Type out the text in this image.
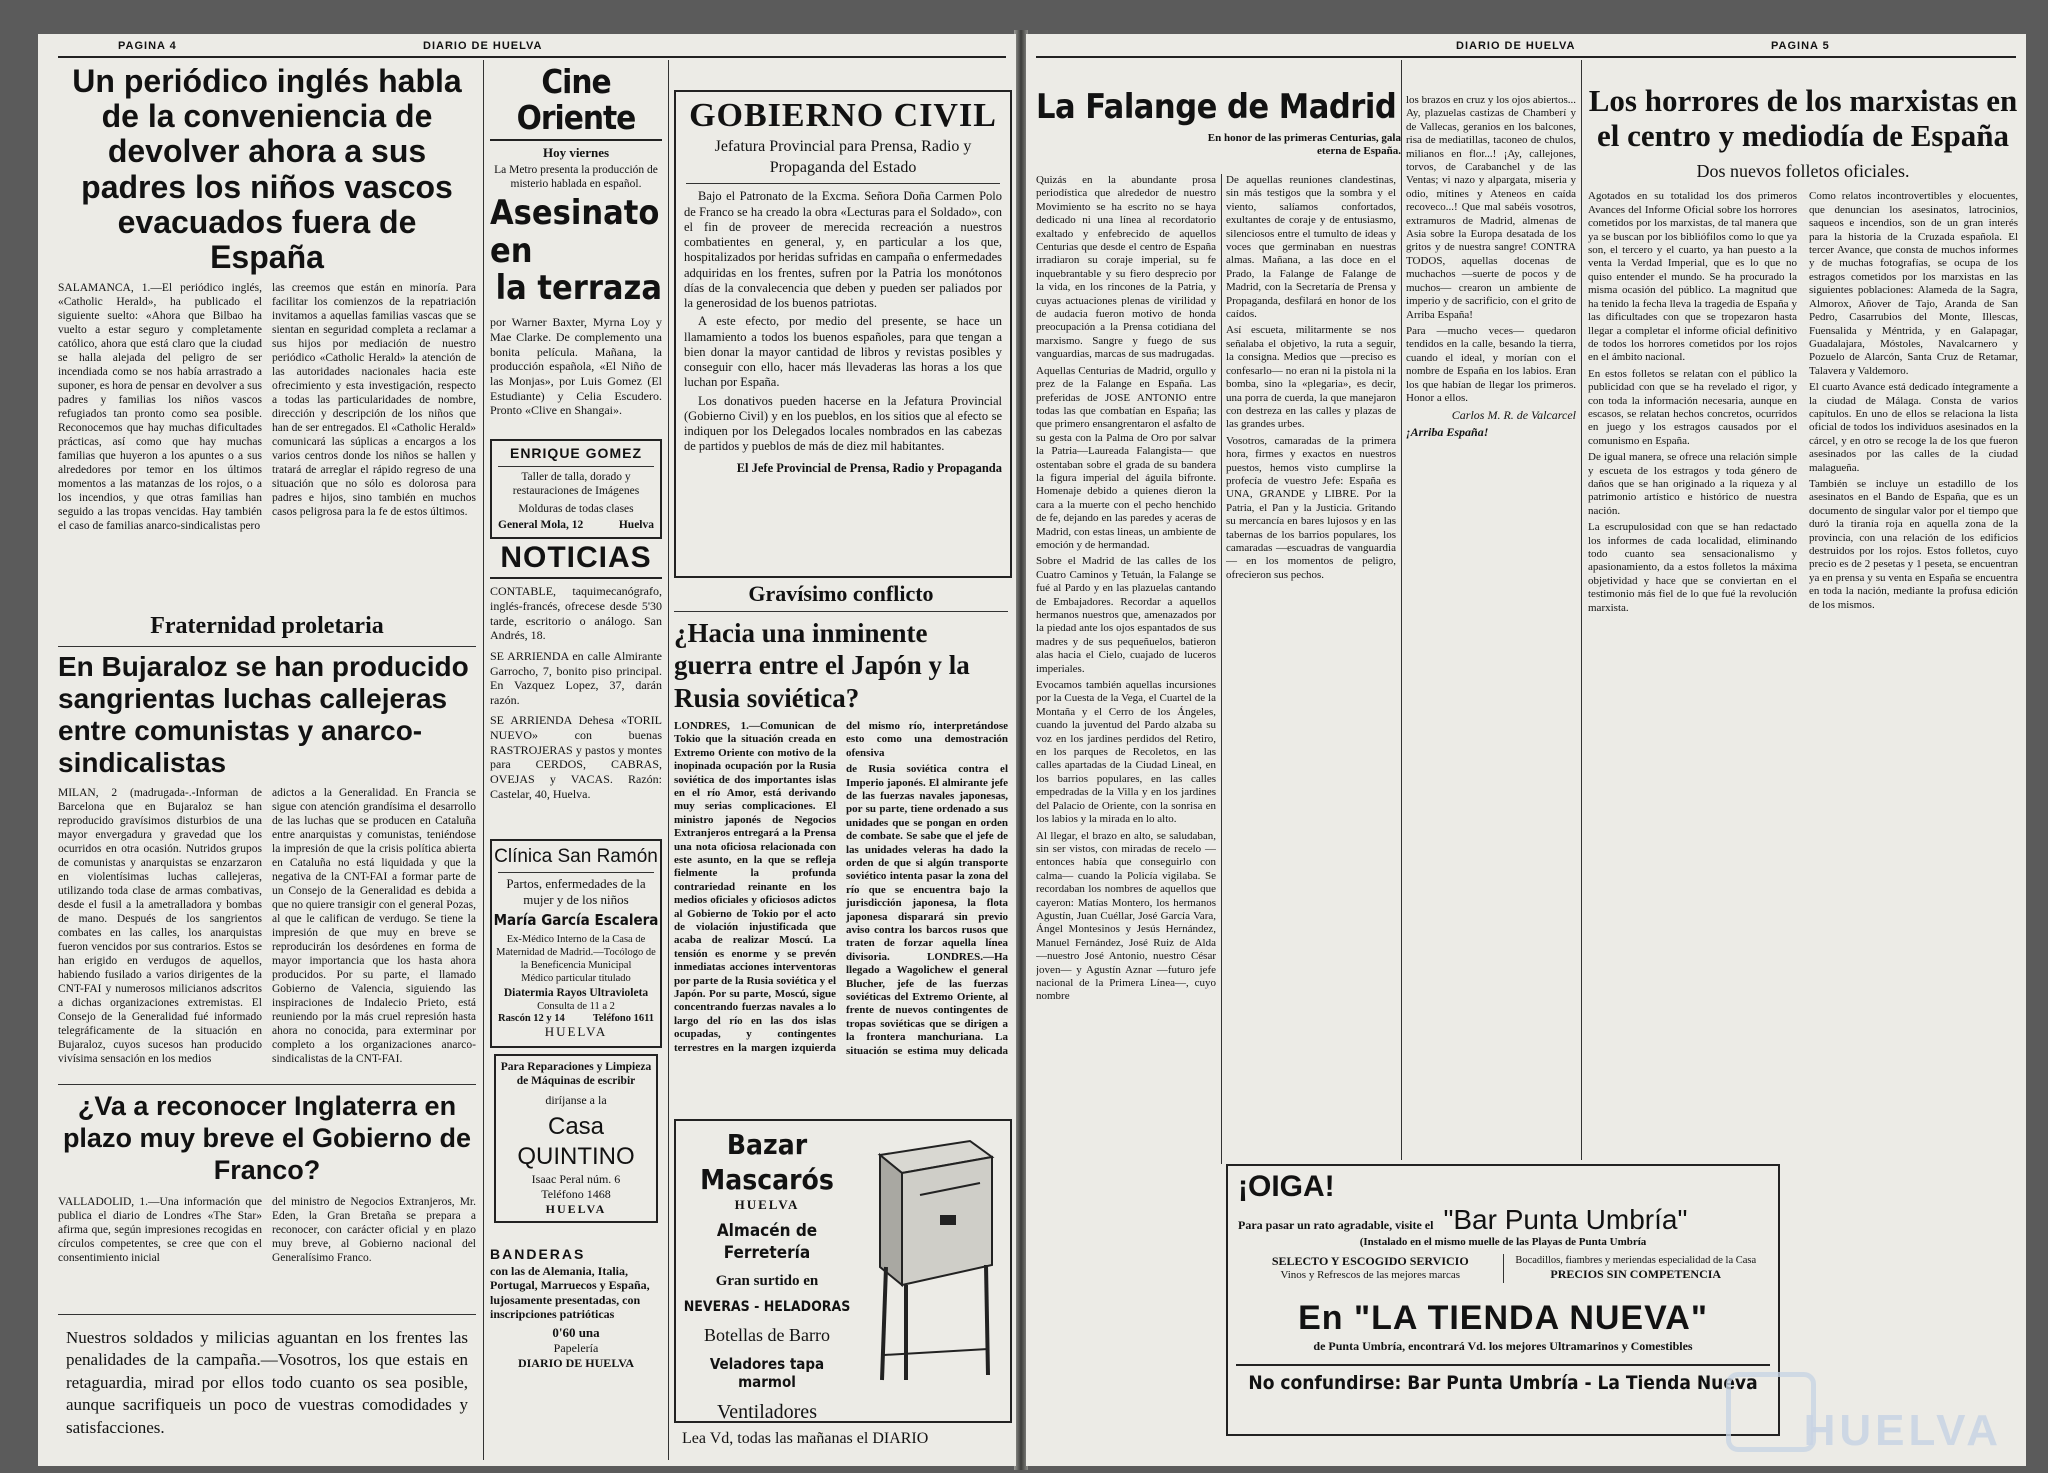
PAGINA 4	DIARIO DE HUELVA
Un periódico inglés habla de la conveniencia de devolver ahora a sus padres los niños vascos evacuados fuera de España

SALAMANCA, 1.—El periódico inglés, «Catholic Herald», ha publicado el siguiente suelto: «Ahora que Bilbao ha vuelto a estar seguro y completamente católico, ahora que está claro que la ciudad se halla alejada del peligro de ser incendiada como se nos había arrastrado a suponer, es hora de pensar en devolver a sus padres y familias los niños vascos refugiados tan pronto como sea posible. Reconocemos que hay muchas dificultades prácticas, así como que hay muchas familias que huyeron a los apuntes o a sus alrededores por temor en los últimos momentos a las matanzas de los rojos, o a los incendios, y que otras familias han seguido a las tropas vencidas. Hay también el caso de familias anarco-sindicalistas pero

las creemos que están en minoría. Para facilitar los comienzos de la repatriación invitamos a aquellas familias vascas que se sientan en seguridad completa a reclamar a sus hijos por mediación de nuestro periódico «Catholic Herald» la atención de las autoridades nacionales hacia este ofrecimiento y esta investigación, respecto a todas las particularidades de nombre, dirección y descripción de los niños que han de ser entregados. El «Catholic Herald» comunicará las súplicas a encargos a los varios centros donde los niños se hallen y tratará de arreglar el rápido regreso de una situación que no sólo es dolorosa para padres e hijos, sino también en muchos casos peligrosa para la fe de estos últimos.

Fraternidad proletaria
En Bujaraloz se han producido sangrientas luchas callejeras entre comunistas y anarco-sindicalistas

MILAN, 2 (madrugada-.-Informan de Barcelona que en Bujaraloz se han reproducido gravísimos disturbios de una mayor envergadura y gravedad que los ocurridos en otra ocasión. Nutridos grupos de comunistas y anarquistas se enzarzaron en violentísimas luchas callejeras, utilizando toda clase de armas combativas, desde el fusil a la ametralladora y bombas de mano. Después de los sangrientos combates en las calles, los anarquistas fueron vencidos por sus contrarios. Estos se han erigido en verdugos de aquellos, habiendo fusilado a varios dirigentes de la CNT-FAI y numerosos milicianos adscritos a dichas organizaciones extremistas. El Consejo de la Generalidad fué informado telegráficamente de la situación en Bujaraloz, cuyos sucesos han producido vivísima sensación en los medios

adictos a la Generalidad. En Francia se sigue con atención grandísima el desarrollo de las luchas que se producen en Cataluña entre anarquistas y comunistas, teniéndose la impresión de que la crisis política abierta en Cataluña no está liquidada y que la negativa de la CNT-FAI a formar parte de un Consejo de la Generalidad es debida a que no quiere transigir con el general Pozas, al que le califican de verdugo. Se tiene la impresión de que muy en breve se reproducirán los desórdenes en forma de mayor importancia que los hasta ahora producidos. Por su parte, el llamado Gobierno de Valencia, siguiendo las inspiraciones de Indalecio Prieto, está reuniendo por la más cruel represión hasta ahora no conocida, para exterminar por completo a los organizaciones anarco-sindicalistas de la CNT-FAI.

¿Va a reconocer Inglaterra en plazo muy breve el Gobierno de Franco?

VALLADOLID, 1.—Una información que publica el diario de Londres «The Star» afirma que, según impresiones recogidas en círculos competentes, se cree que con el consentimiento inicial

del ministro de Negocios Extranjeros, Mr. Eden, la Gran Bretaña se prepara a reconocer, con carácter oficial y en plazo muy breve, al Gobierno nacional del Generalísimo Franco.

Nuestros soldados y milicias aguantan en los frentes las penalidades de la campaña.—Vosotros, los que estais en retaguardia, mirad por ellos todo cuanto os sea posible, aunque sacrifiqueis un poco de vuestras comodidades y satisfacciones.

Cine Oriente

Hoy viernes

La Metro presenta la producción de misterio hablada en español.

Asesinato en

la terraza

por Warner Baxter, Myrna Loy y Mae Clarke. De complemento una bonita película. Mañana, la producción española, «El Niño de las Monjas», por Luis Gomez (El Estudiante) y Celia Escudero. Pronto «Clive en Shangai».

ENRIQUE GOMEZ

Taller de talla, dorado y restauraciones de Imágenes

Molduras de todas clases

General Mola, 12	Huelva
NOTICIAS

CONTABLE, taquimecanógrafo, inglés-francés, ofrecese desde 5'30 tarde, escritorio o análogo. San Andrés, 18.

SE ARRIENDA en calle Almirante Garrocho, 7, bonito piso principal. En Vazquez Lopez, 37, darán razón.

SE ARRIENDA Dehesa «TORIL NUEVO» con buenas RASTROJERAS y pastos y montes para CERDOS, CABRAS, OVEJAS y VACAS. Razón: Castelar, 40, Huelva.

Clínica San Ramón

Partos, enfermedades de la mujer y de los niños

María García Escalera

Ex-Médico Interno de la Casa de Maternidad de Madrid.—Tocólogo de la Beneficencia Municipal

Médico particular titulado

Diatermia Rayos Ultravioleta

Consulta de 11 a 2

Rascón 12 y 14	Teléfono 1611

HUELVA

Para Reparaciones y Limpieza de Máquinas de escribir

diríjanse a la

Casa QUINTINO

Isaac Peral núm. 6

Teléfono 1468

HUELVA

BANDERAS

con las de Alemania, Italia, Portugal, Marruecos y España, lujosamente presentadas, con inscripciones patrióticas

0'60 una

Papelería

DIARIO DE HUELVA

GOBIERNO CIVIL

Jefatura Provincial para Prensa, Radio y Propaganda del Estado

Bajo el Patronato de la Excma. Señora Doña Carmen Polo de Franco se ha creado la obra «Lecturas para el Soldado», con el fin de proveer de merecida recreación a nuestros combatientes en general, y, en particular a los que, hospitalizados por heridas sufridas en campaña o enfermedades adquiridas en los frentes, sufren por la Patria los monótonos días de la convalecencia que deben y pueden ser paliados por la generosidad de los buenos patriotas.

A este efecto, por medio del presente, se hace un llamamiento a todos los buenos españoles, para que tengan a bien donar la mayor cantidad de libros y revistas posibles y conseguir con ello, hacer más llevaderas las horas a los que luchan por España.

Los donativos pueden hacerse en la Jefatura Provincial (Gobierno Civil) y en los pueblos, en los sitios que al efecto se indiquen por los Delegados locales nombrados en las cabezas de partidos y pueblos de más de diez mil habitantes.

El Jefe Provincial de Prensa, Radio y Propaganda

Gravísimo conflicto
¿Hacia una inminente guerra entre el Japón y la Rusia soviética?

LONDRES, 1.—Comunican de Tokio que la situación creada en Extremo Oriente con motivo de la inopinada ocupación por la Rusia soviética de dos importantes islas en el río Amor, está derivando muy serias complicaciones. El ministro japonés de Negocios Extranjeros entregará a la Prensa una nota oficiosa relacionada con este asunto, en la que se refleja fielmente la profunda contrariedad reinante en los medios oficiales y oficiosos adictos al Gobierno de Tokio por el acto de violación injustificada que acaba de realizar Moscú. La tensión es enorme y se prevén inmediatas acciones interventoras por parte de la Rusia soviética y el Japón. Por su parte, Moscú, sigue concentrando fuerzas navales a lo largo del río en las dos islas ocupadas, y contingentes terrestres en la margen izquierda del mismo río, interpretándose esto como una demostración ofensiva

de Rusia soviética contra el Imperio japonés. El almirante jefe de las fuerzas navales japonesas, por su parte, tiene ordenado a sus unidades que se pongan en orden de combate. Se sabe que el jefe de las unidades veleras ha dado la orden de que si algún transporte soviético intenta pasar la zona del río que se encuentra bajo la jurisdicción japonesa, la flota japonesa disparará sin previo aviso contra los barcos rusos que traten de forzar aquella línea divisoria. LONDRES.—Ha llegado a Wagolichew el general Blucher, jefe de las fuerzas soviéticas del Extremo Oriente, al frente de nuevos contingentes de tropas soviéticas que se dirigen a la frontera manchuriana. La situación se estima muy delicada

Bazar Mascarós

HUELVA

Almacén de Ferretería

Gran surtido en

NEVERAS - HELADORAS

Botellas de Barro

Veladores tapa marmol

Ventiladores

Lea Vd, todas las mañanas el DIARIO

DIARIO DE HUELVA	PAGINA 5
La Falange de Madrid

En honor de las primeras Centurias, gala eterna de España.

Quizás en la abundante prosa periodística que alrededor de nuestro Movimiento se ha escrito no se haya dedicado ni una línea al recordatorio exaltado y enfebrecido de aquellos Centurias que desde el centro de España irradiaron su coraje imperial, su fe inquebrantable y su fiero desprecio por la vida, en los rincones de la Patria, y cuyas actuaciones plenas de virilidad y de audacia fueron motivo de honda preocupación a la Prensa cotidiana del marxismo. Sangre y fuego de sus vanguardias, marcas de sus madrugadas.

Aquellas Centurias de Madrid, orgullo y prez de la Falange en España. Las preferidas de JOSE ANTONIO entre todas las que combatían en España; las que primero ensangrentaron el asfalto de su gesta con la Palma de Oro por salvar la Patria—Laureada Falangista— que ostentaban sobre el grada de su bandera la figura imperial del águila bifronte. Homenaje debido a quienes dieron la cara a la muerte con el pecho henchido de fe, dejando en las paredes y aceras de Madrid, con estas lineas, un ambiente de emoción y de hermandad.

Sobre el Madrid de las calles de los Cuatro Caminos y Tetuán, la Falange se fué al Pardo y en las plazuelas cantando de Embajadores. Recordar a aquellos hermanos nuestros que, amenazados por la piedad ante los ojos espantados de sus madres y de sus pequeñuelos, batieron alas hacia el Cielo, cuajado de luceros imperiales.

Evocamos también aquellas incursiones por la Cuesta de la Vega, el Cuartel de la Montaña y el Cerro de los Ángeles, cuando la juventud del Pardo alzaba su voz en los jardines perdidos del Retiro, en los parques de Recoletos, en las calles apartadas de la Ciudad Lineal, en los barrios populares, en las calles empedradas de la Villa y en los jardines del Palacio de Oriente, con la sonrisa en los labios y la mirada en lo alto.

Al llegar, el brazo en alto, se saludaban, sin ser vistos, con miradas de recelo —entonces había que conseguirlo con calma— cuando la Policía vigilaba. Se recordaban los nombres de aquellos que cayeron: Matías Montero, los hermanos Agustín, Juan Cuéllar, José García Vara, Ángel Montesinos y Jesús Hernández, Manuel Fernández, José Ruiz de Alda —nuestro José Antonio, nuestro César joven— y Agustín Aznar —futuro jefe nacional de la Primera Línea—, cuyo nombre

De aquellas reuniones clandestinas, sin más testigos que la sombra y el viento, salíamos confortados, exultantes de coraje y de entusiasmo, silenciosos entre el tumulto de ideas y voces que germinaban en nuestras almas. Mañana, a las doce en el Prado, la Falange de Falange de Madrid, con la Secretaría de Prensa y Propaganda, desfilará en honor de los caídos.

Así escueta, militarmente se nos señalaba el objetivo, la ruta a seguir, la consigna. Medios que —preciso es confesarlo— no eran ni la pistola ni la bomba, sino la «plegaria», es decir, una porra de cuerda, la que manejaron con destreza en las calles y plazas de las grandes urbes.

Vosotros, camaradas de la primera hora, firmes y exactos en nuestros puestos, hemos visto cumplirse la profecía de vuestro Jefe: España es UNA, GRANDE y LIBRE. Por la Patria, el Pan y la Justicia. Gritando su mercancía en bares lujosos y en las tabernas de los barrios populares, los camaradas —escuadras de vanguardia— en los momentos de peligro, ofrecieron sus pechos.

los brazos en cruz y los ojos abiertos... Ay, plazuelas castizas de Chamberí y de Vallecas, geranios en los balcones, risa de mediatillas, taconeo de chulos, milianos en flor...! ¡Ay, callejones, torvos, de Carabanchel y de las Ventas; vi nazo y alpargata, miseria y odio, mítines y Ateneos en caída recoveco...! Que mal sabéis vosotros, extramuros de Madrid, almenas de Asia sobre la Europa desatada de los gritos y de nuestra sangre! CONTRA TODOS, aquellas docenas de muchachos —suerte de pocos y de muchos— crearon un ambiente de imperio y de sacrificio, con el grito de Arriba España!

Para —mucho veces— quedaron tendidos en la calle, besando la tierra, cuando el ideal, y morían con el nombre de España en los labios. Eran los que habían de llegar los primeros. Honor a ellos.

Carlos M. R. de Valcarcel

¡Arriba España!

Los horrores de los marxistas en el centro y mediodía de España

Dos nuevos folletos oficiales.

Agotados en su totalidad los dos primeros Avances del Informe Oficial sobre los horrores cometidos por los marxistas, de tal manera que ya se buscan por los bibliófilos como lo que ya son, el tercero y el cuarto, ya han puesto a la venta la Verdad Imperial, que es lo que no quiso entender el mundo. Se ha procurado la misma ocasión del público. La magnitud que ha tenido la fecha lleva la tragedia de España y las dificultades con que se tropezaron hasta llegar a completar el informe oficial definitivo de todos los horrores cometidos por los rojos en el ámbito nacional.

En estos folletos se relatan con el público la publicidad con que se ha revelado el rigor, y con toda la información necesaria, aunque en escasos, se relatan hechos concretos, ocurridos en juego y los estragos causados por el comunismo en España.

De igual manera, se ofrece una relación simple y escueta de los estragos y toda género de daños que se han originado a la riqueza y al patrimonio artístico e histórico de nuestra nación.

La escrupulosidad con que se han redactado los informes de cada localidad, eliminando todo cuanto sea sensacionalismo y apasionamiento, da a estos folletos la máxima objetividad y hace que se conviertan en el testimonio más fiel de lo que fué la revolución marxista.

Como relatos incontrovertibles y elocuentes, que denuncian los asesinatos, latrocinios, saqueos e incendios, son de un gran interés para la historia de la Cruzada española. El tercer Avance, que consta de muchos informes y de muchas fotografías, se ocupa de los estragos cometidos por los marxistas en las siguientes poblaciones: Alameda de la Sagra, Almorox, Añover de Tajo, Aranda de San Pedro, Casarrubios del Monte, Illescas, Fuensalida y Méntrida, y en Galapagar, Guadalajara, Móstoles, Navalcarnero y Pozuelo de Alarcón, Santa Cruz de Retamar, Talavera y Valdemoro.

El cuarto Avance está dedicado íntegramente a la ciudad de Málaga. Consta de varios capítulos. En uno de ellos se relaciona la lista oficial de todos los individuos asesinados en la cárcel, y en otro se recoge la de los que fueron asesinados por las calles de la ciudad malagueña.

También se incluye un estadillo de los asesinatos en el Bando de España, que es un documento de singular valor por el tiempo que duró la tiranía roja en aquella zona de la provincia, con una relación de los edificios destruidos por los rojos. Estos folletos, cuyo precio es de 2 pesetas y 1 peseta, se encuentran ya en prensa y su venta en España se encuentra en toda la nación, mediante la profusa edición de los mismos.

¡OIGA!
Para pasar un rato agradable, visite el "Bar Punta Umbría"

(Instalado en el mismo muelle de las Playas de Punta Umbría

SELECTO Y ESCOGIDO SERVICIO

Vinos y Refrescos de las mejores marcas

Bocadillos, fiambres y meriendas especialidad de la Casa

PRECIOS SIN COMPETENCIA

En "LA TIENDA NUEVA"

de Punta Umbría, encontrará Vd. los mejores Ultramarinos y Comestibles

No confundirse: Bar Punta Umbría - La Tienda Nueva

HUELVA
